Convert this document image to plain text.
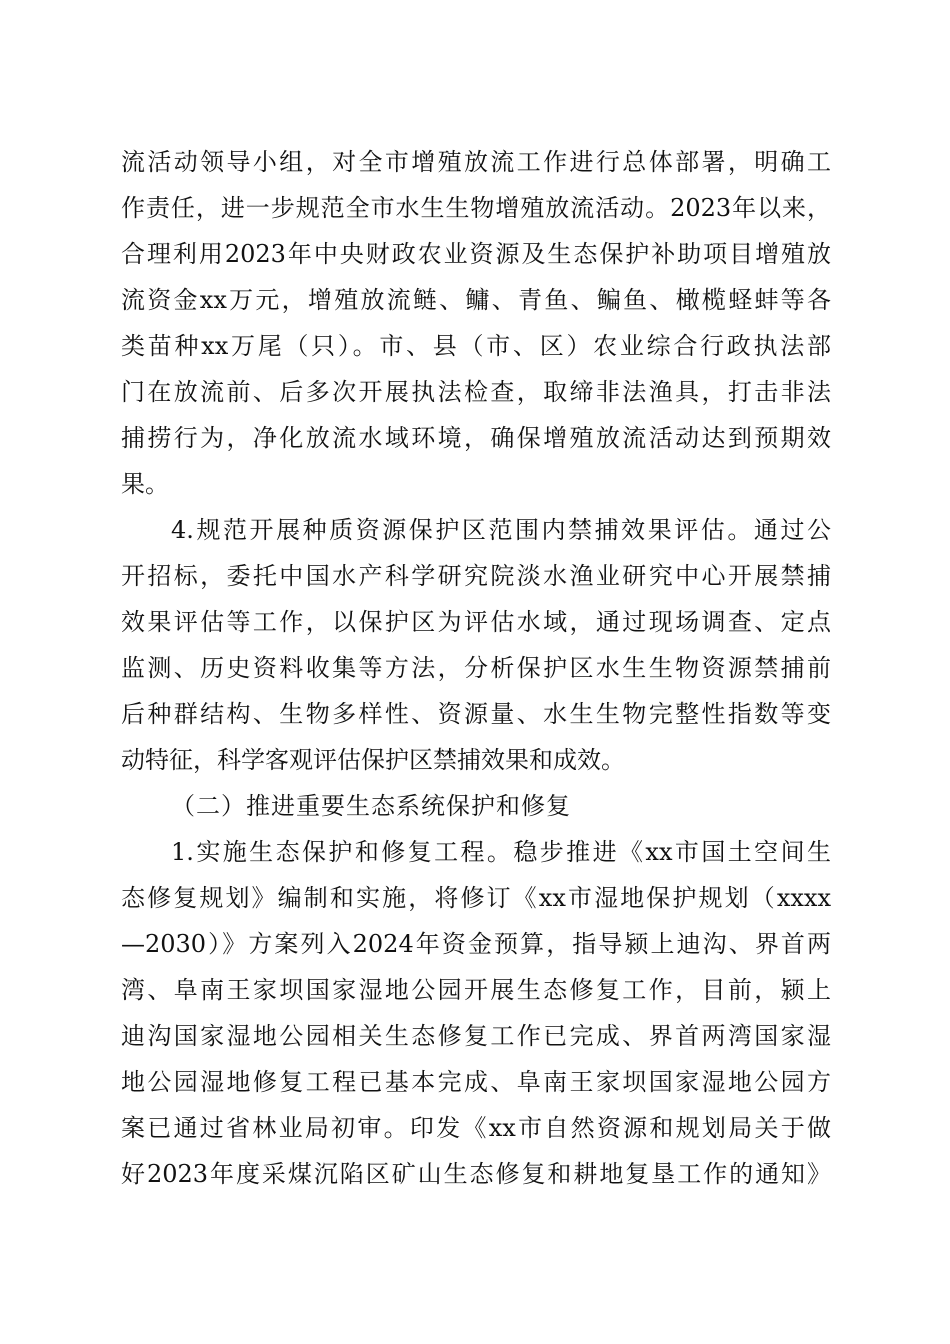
流活动领导小组，对全市增殖放流工作进行总体部署，明确工
作责任，进一步规范全市水生生物增殖放流活动。2023年以来，
合理利用2023年中央财政农业资源及生态保护补助项目增殖放
流资金xx万元，增殖放流鲢、鳙、青鱼、鳊鱼、橄榄蛏蚌等各
类苗种xx万尾（只）。市、县（市、区）农业综合行政执法部
门在放流前、后多次开展执法检查，取缔非法渔具，打击非法
捕捞行为，净化放流水域环境，确保增殖放流活动达到预期效
果。
4.规范开展种质资源保护区范围内禁捕效果评估。通过公
开招标，委托中国水产科学研究院淡水渔业研究中心开展禁捕
效果评估等工作，以保护区为评估水域，通过现场调查、定点
监测、历史资料收集等方法，分析保护区水生生物资源禁捕前
后种群结构、生物多样性、资源量、水生生物完整性指数等变
动特征，科学客观评估保护区禁捕效果和成效。
（二）推进重要生态系统保护和修复
1.实施生态保护和修复工程。稳步推进《xx市国土空间生
态修复规划》编制和实施，将修订《xx市湿地保护规划（xxxx
—2030）》方案列入2024年资金预算，指导颍上迪沟、界首两
湾、阜南王家坝国家湿地公园开展生态修复工作，目前，颍上
迪沟国家湿地公园相关生态修复工作已完成、界首两湾国家湿
地公园湿地修复工程已基本完成、阜南王家坝国家湿地公园方
案已通过省林业局初审。印发《xx市自然资源和规划局关于做
好2023年度采煤沉陷区矿山生态修复和耕地复垦工作的通知》
